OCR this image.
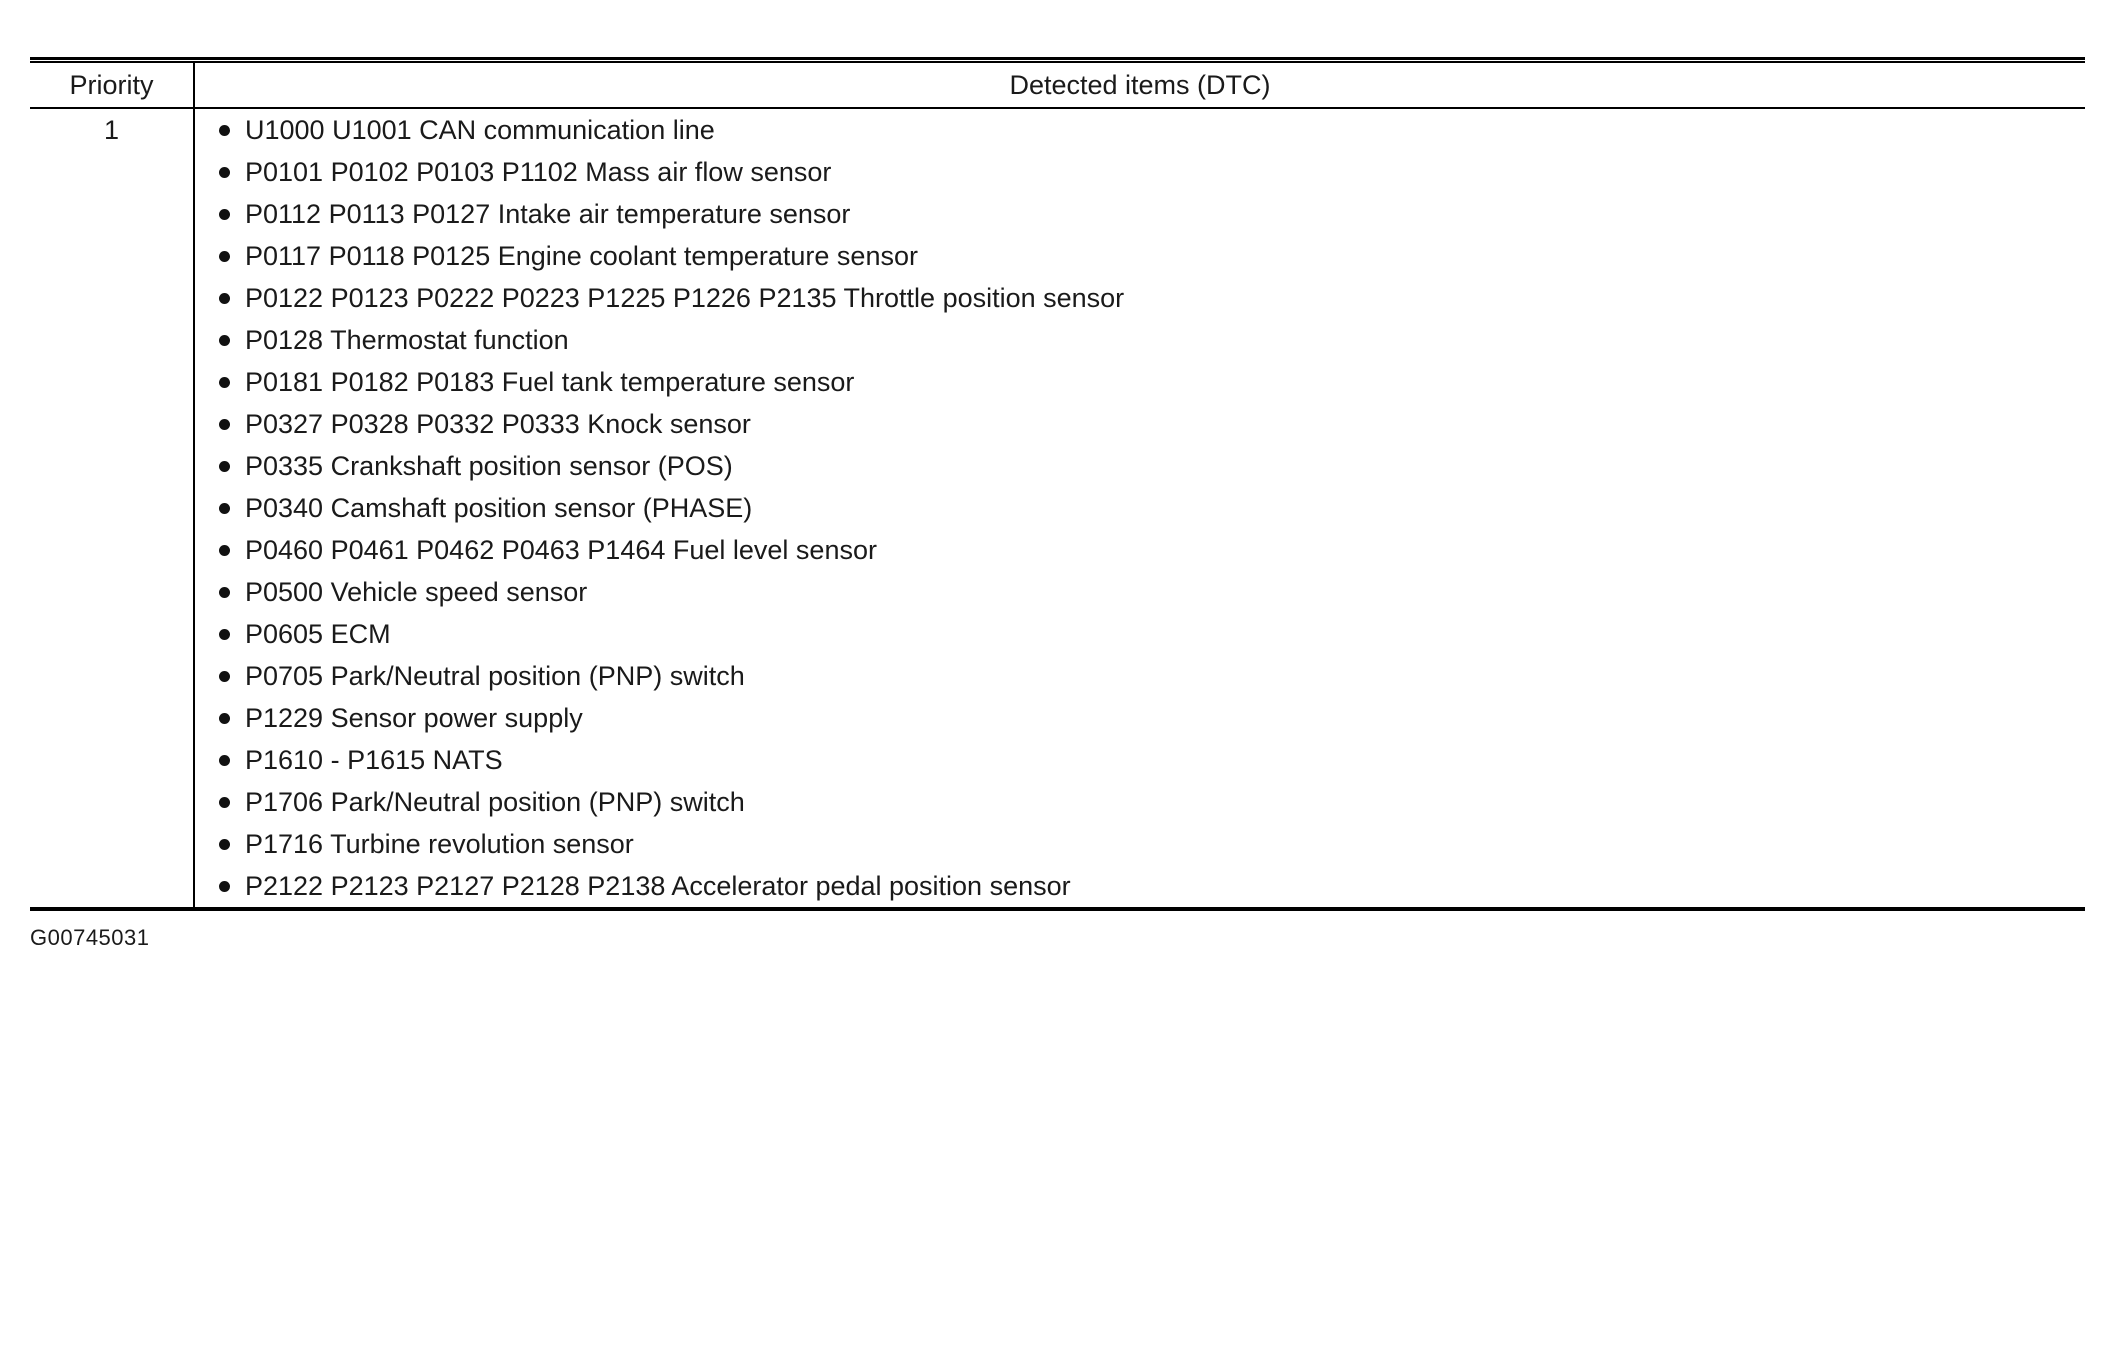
Priority	Detected items (DTC)
1	U1000 U1001 CAN communication line
P0101 P0102 P0103 P1102 Mass air flow sensor
P0112 P0113 P0127 Intake air temperature sensor
P0117 P0118 P0125 Engine coolant temperature sensor
P0122 P0123 P0222 P0223 P1225 P1226 P2135 Throttle position sensor
P0128 Thermostat function
P0181 P0182 P0183 Fuel tank temperature sensor
P0327 P0328 P0332 P0333 Knock sensor
P0335 Crankshaft position sensor (POS)
P0340 Camshaft position sensor (PHASE)
P0460 P0461 P0462 P0463 P1464 Fuel level sensor
P0500 Vehicle speed sensor
P0605 ECM
P0705 Park/Neutral position (PNP) switch
P1229 Sensor power supply
P1610 - P1615 NATS
P1706 Park/Neutral position (PNP) switch
P1716 Turbine revolution sensor
P2122 P2123 P2127 P2128 P2138 Accelerator pedal position sensor
G00745031
